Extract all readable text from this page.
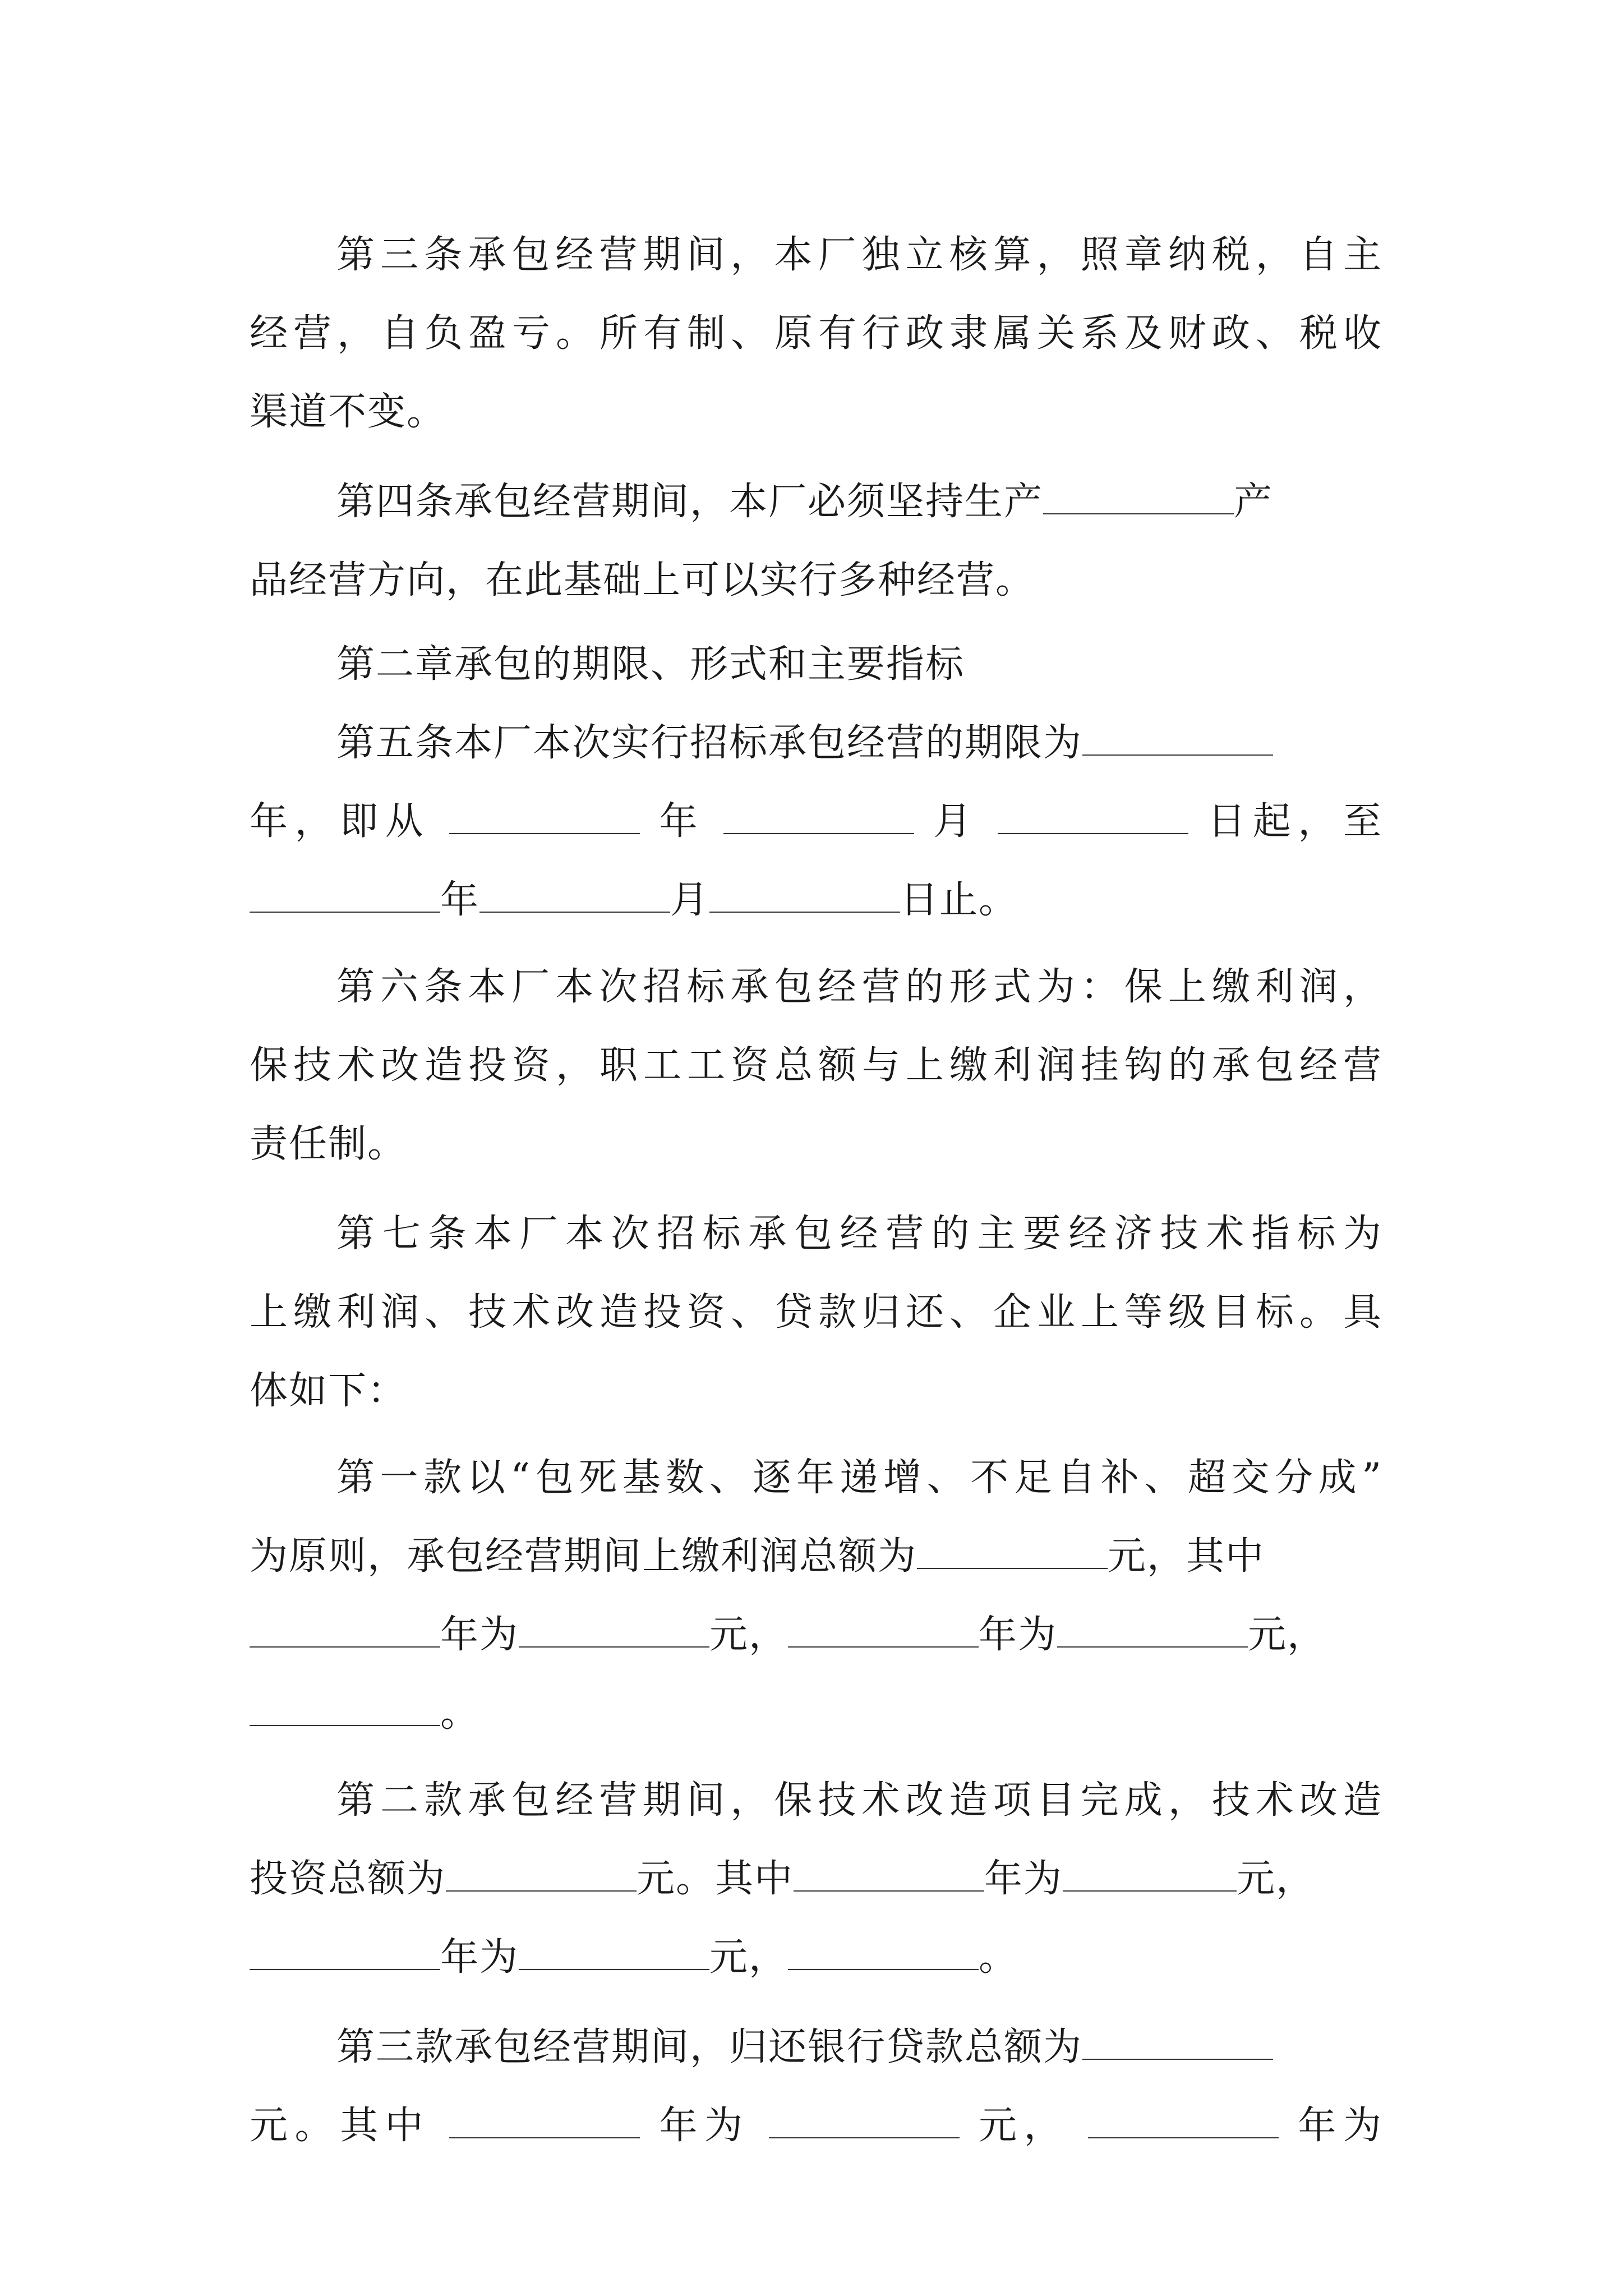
第三条承包经营期间，本厂独立核算，照章纳税，自主
经营，自负盈亏。所有制、原有行政隶属关系及财政、税收
渠道不变。
第四条承包经营期间，本厂必须坚持生产	产
品经营方向，在此基础上可以实行多种经营。
第二章承包的期限、形式和主要指标
第五条本厂本次实行招标承包经营的期限为
年，即从	年	月	日起，至
年	月	日止。
第六条本厂本次招标承包经营的形式为：保上缴利润，
保技术改造投资，职工工资总额与上缴利润挂钩的承包经营
责任制。
第七条本厂本次招标承包经营的主要经济技术指标为
上缴利润、技术改造投资、贷款归还、企业上等级目标。具
体如下：
第一款以“包死基数、逐年递增、不足自补、超交分成”
为原则，承包经营期间上缴利润总额为	元，其中
年为	元，	年为	元，
。
第二款承包经营期间，保技术改造项目完成，技术改造
投资总额为	元。其中	年为	元，
年为	元，	。
第三款承包经营期间，归还银行贷款总额为
元。其中	年为	元，	年为
